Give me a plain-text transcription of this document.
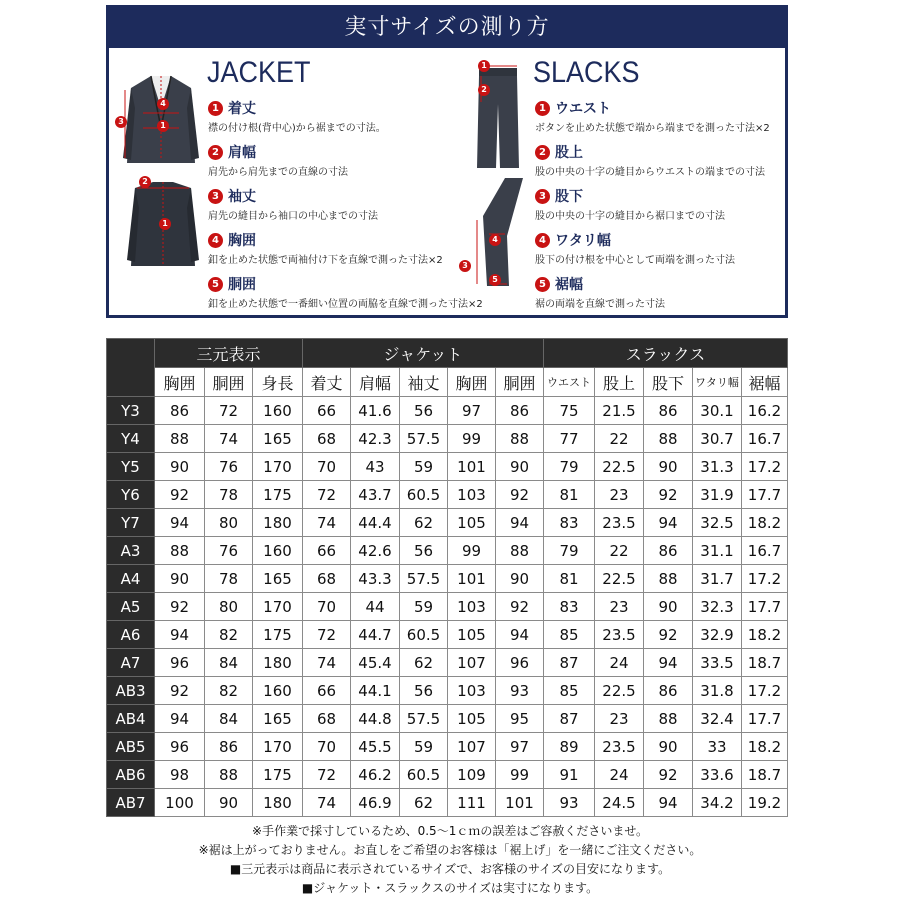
実寸サイズの測り方
1
3
4
2
1
JACKET
1 着丈
襟の付け根(背中心)から裾までの寸法。
2 肩幅
肩先から肩先までの直線の寸法
3 袖丈
肩先の縫目から袖口の中心までの寸法
4 胸囲
釦を止めた状態で両袖付け下を直線で測った寸法×2
5 胴囲
釦を止めた状態で一番細い位置の両脇を直線で測った寸法×2
1
2
3
4
5
SLACKS
1 ウエスト
ボタンを止めた状態で端から端までを測った寸法×2
2 股上
股の中央の十字の縫目からウエストの端までの寸法
3 股下
股の中央の十字の縫目から裾口までの寸法
4 ワタリ幅
股下の付け根を中心として両端を測った寸法
5 裾幅
裾の両端を直線で測った寸法
	三元表示			ジャケット					スラックス				
	胸囲	胴囲	身長	着丈	肩幅	袖丈	胸囲	胴囲	ウエスト	股上	股下	ワタリ幅	裾幅
Y3	86	72	160	66	41.6	56	97	86	75	21.5	86	30.1	16.2
Y4	88	74	165	68	42.3	57.5	99	88	77	22	88	30.7	16.7
Y5	90	76	170	70	43	59	101	90	79	22.5	90	31.3	17.2
Y6	92	78	175	72	43.7	60.5	103	92	81	23	92	31.9	17.7
Y7	94	80	180	74	44.4	62	105	94	83	23.5	94	32.5	18.2
A3	88	76	160	66	42.6	56	99	88	79	22	86	31.1	16.7
A4	90	78	165	68	43.3	57.5	101	90	81	22.5	88	31.7	17.2
A5	92	80	170	70	44	59	103	92	83	23	90	32.3	17.7
A6	94	82	175	72	44.7	60.5	105	94	85	23.5	92	32.9	18.2
A7	96	84	180	74	45.4	62	107	96	87	24	94	33.5	18.7
AB3	92	82	160	66	44.1	56	103	93	85	22.5	86	31.8	17.2
AB4	94	84	165	68	44.8	57.5	105	95	87	23	88	32.4	17.7
AB5	96	86	170	70	45.5	59	107	97	89	23.5	90	33	18.2
AB6	98	88	175	72	46.2	60.5	109	99	91	24	92	33.6	18.7
AB7	100	90	180	74	46.9	62	111	101	93	24.5	94	34.2	19.2
※手作業で採寸しているため、0.5〜1ｃｍの誤差はご容赦くださいませ。
※裾は上がっておりません。お直しをご希望のお客様は「裾上げ」を一緒にご注文ください。
■三元表示は商品に表示されているサイズで、お客様のサイズの目安になります。
■ジャケット・スラックスのサイズは実寸になります。
